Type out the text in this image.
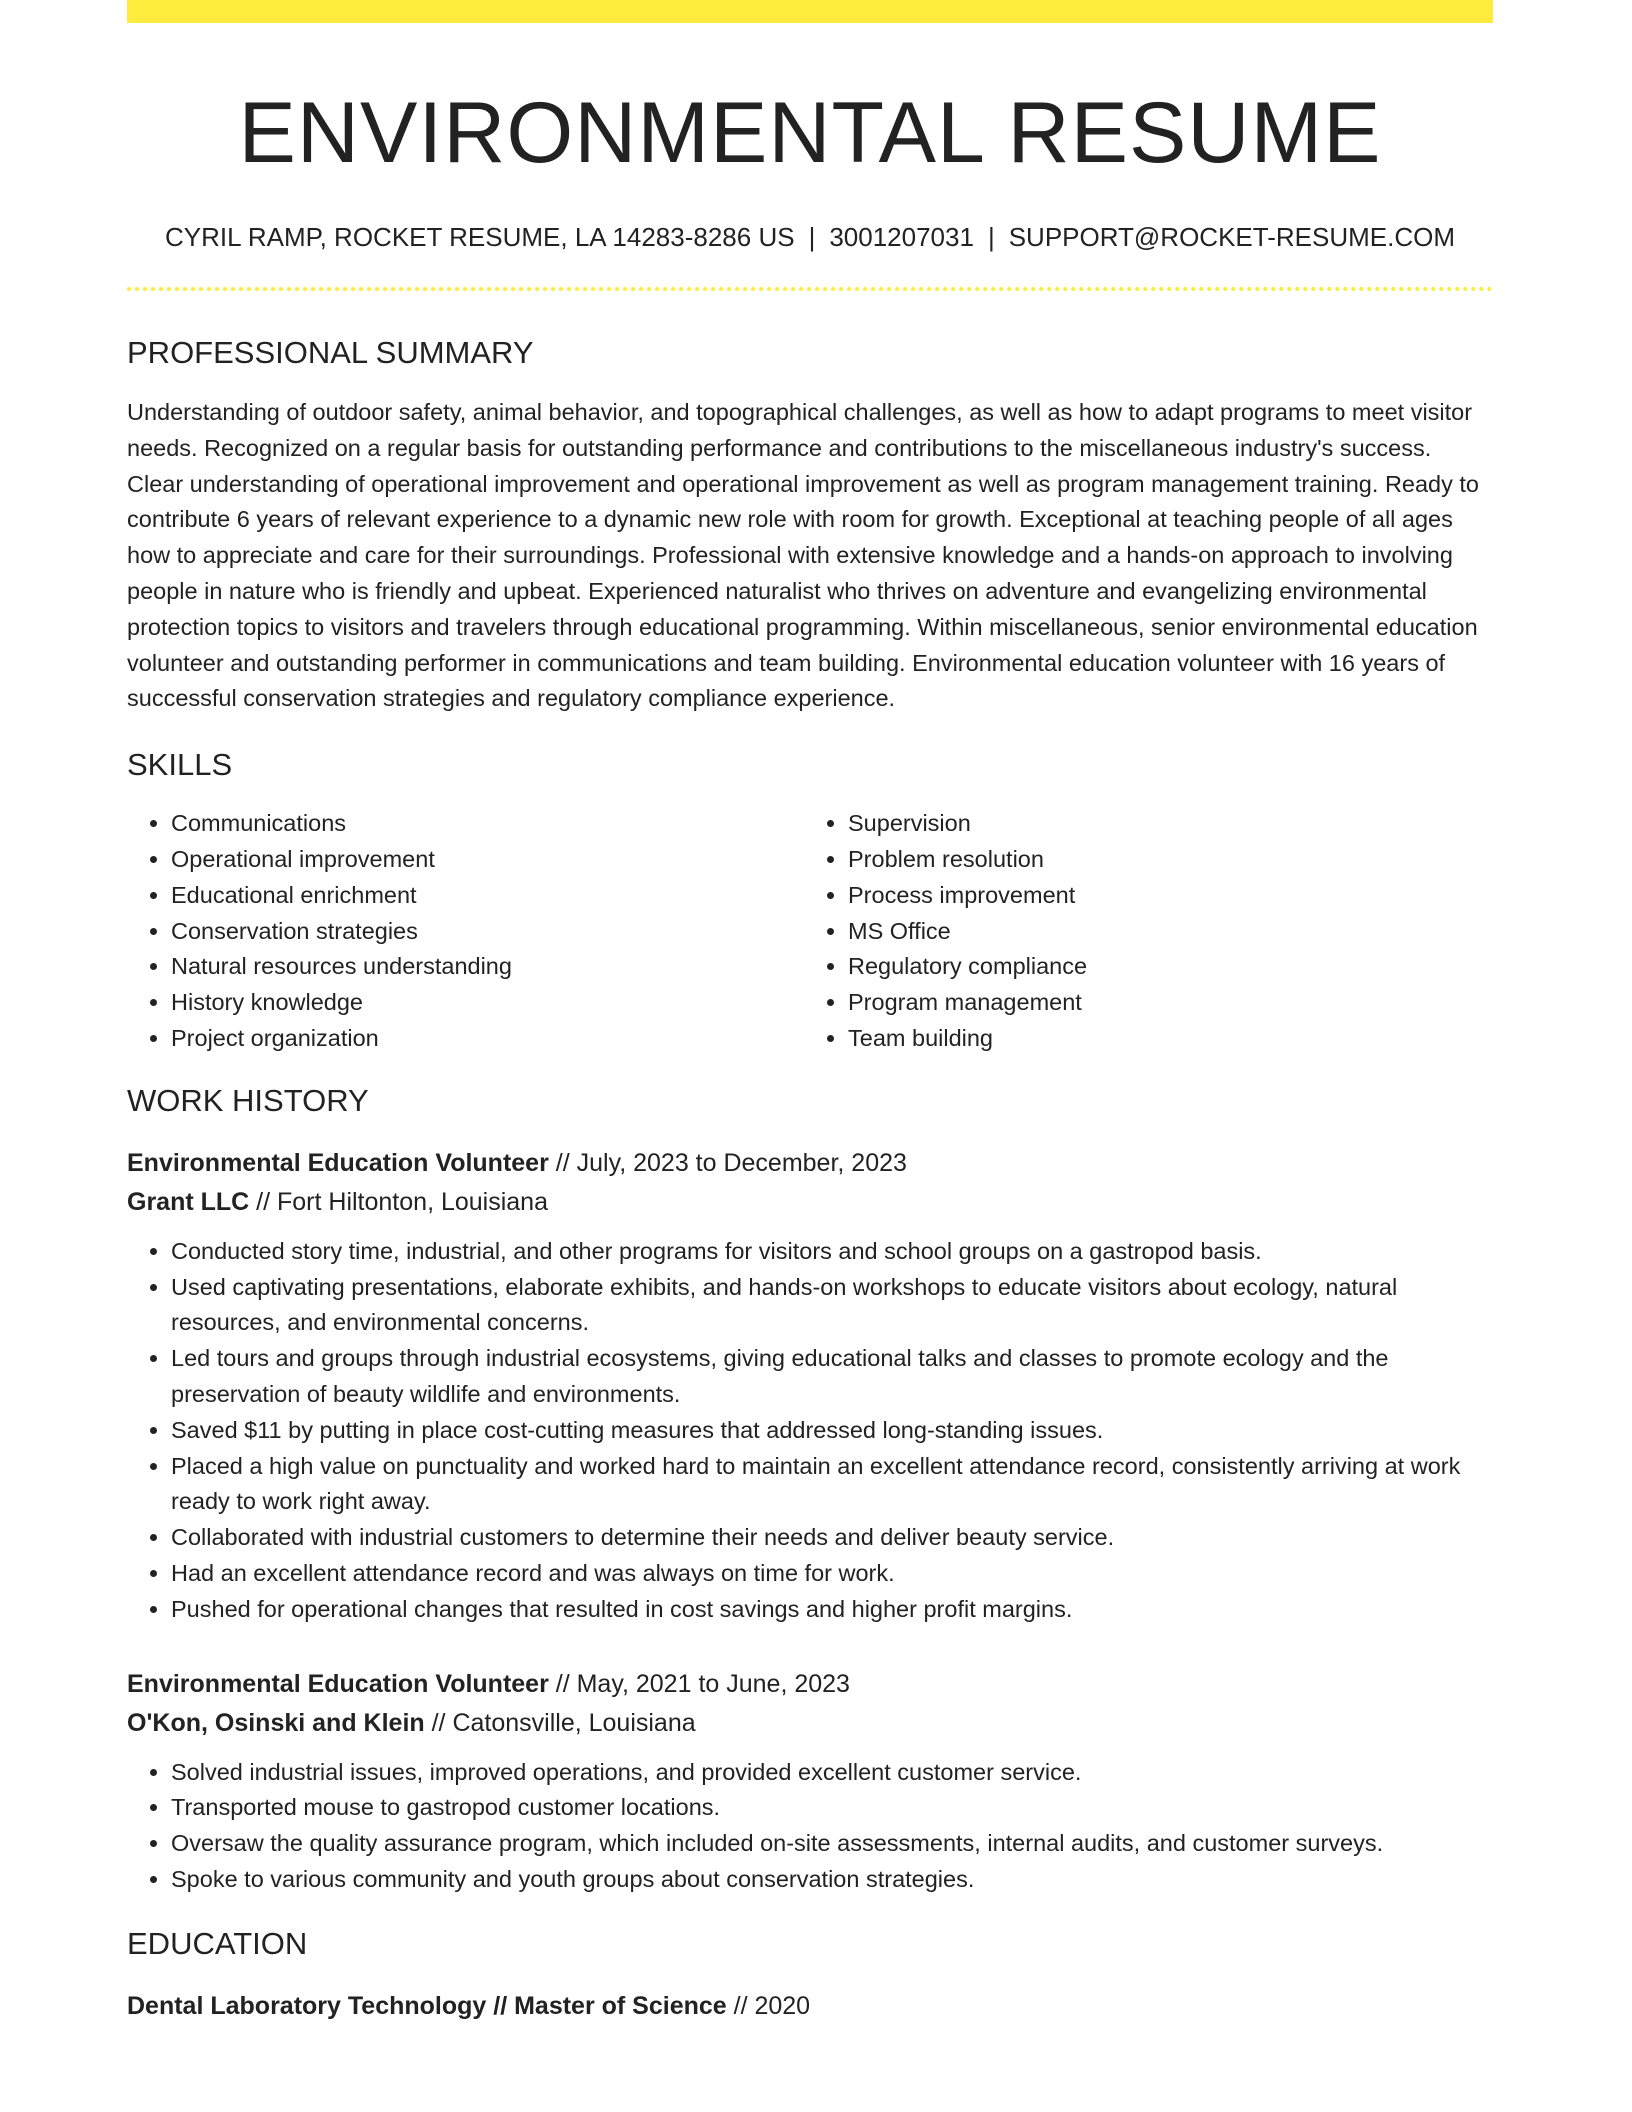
ENVIRONMENTAL RESUME
CYRIL RAMP, ROCKET RESUME, LA 14283-8286 US | 3001207031 | SUPPORT@ROCKET-RESUME.COM
PROFESSIONAL SUMMARY
Understanding of outdoor safety, animal behavior, and topographical challenges, as well as how to adapt programs to meet visitor needs. Recognized on a regular basis for outstanding performance and contributions to the miscellaneous industry's success. Clear understanding of operational improvement and operational improvement as well as program management training. Ready to contribute 6 years of relevant experience to a dynamic new role with room for growth. Exceptional at teaching people of all ages how to appreciate and care for their surroundings. Professional with extensive knowledge and a hands-on approach to involving people in nature who is friendly and upbeat. Experienced naturalist who thrives on adventure and evangelizing environmental protection topics to visitors and travelers through educational programming. Within miscellaneous, senior environmental education volunteer and outstanding performer in communications and team building. Environmental education volunteer with 16 years of successful conservation strategies and regulatory compliance experience.
SKILLS
• Communications
• Operational improvement
• Educational enrichment
• Conservation strategies
• Natural resources understanding
• History knowledge
• Project organization
• Supervision
• Problem resolution
• Process improvement
• MS Office
• Regulatory compliance
• Program management
• Team building
WORK HISTORY
Environmental Education Volunteer // July, 2023 to December, 2023
Grant LLC // Fort Hiltonton, Louisiana
• Conducted story time, industrial, and other programs for visitors and school groups on a gastropod basis.
• Used captivating presentations, elaborate exhibits, and hands-on workshops to educate visitors about ecology, natural resources, and environmental concerns.
• Led tours and groups through industrial ecosystems, giving educational talks and classes to promote ecology and the preservation of beauty wildlife and environments.
• Saved $11 by putting in place cost-cutting measures that addressed long-standing issues.
• Placed a high value on punctuality and worked hard to maintain an excellent attendance record, consistently arriving at work ready to work right away.
• Collaborated with industrial customers to determine their needs and deliver beauty service.
• Had an excellent attendance record and was always on time for work.
• Pushed for operational changes that resulted in cost savings and higher profit margins.
Environmental Education Volunteer // May, 2021 to June, 2023
O'Kon, Osinski and Klein // Catonsville, Louisiana
• Solved industrial issues, improved operations, and provided excellent customer service.
• Transported mouse to gastropod customer locations.
• Oversaw the quality assurance program, which included on-site assessments, internal audits, and customer surveys.
• Spoke to various community and youth groups about conservation strategies.
EDUCATION
Dental Laboratory Technology // Master of Science // 2020
